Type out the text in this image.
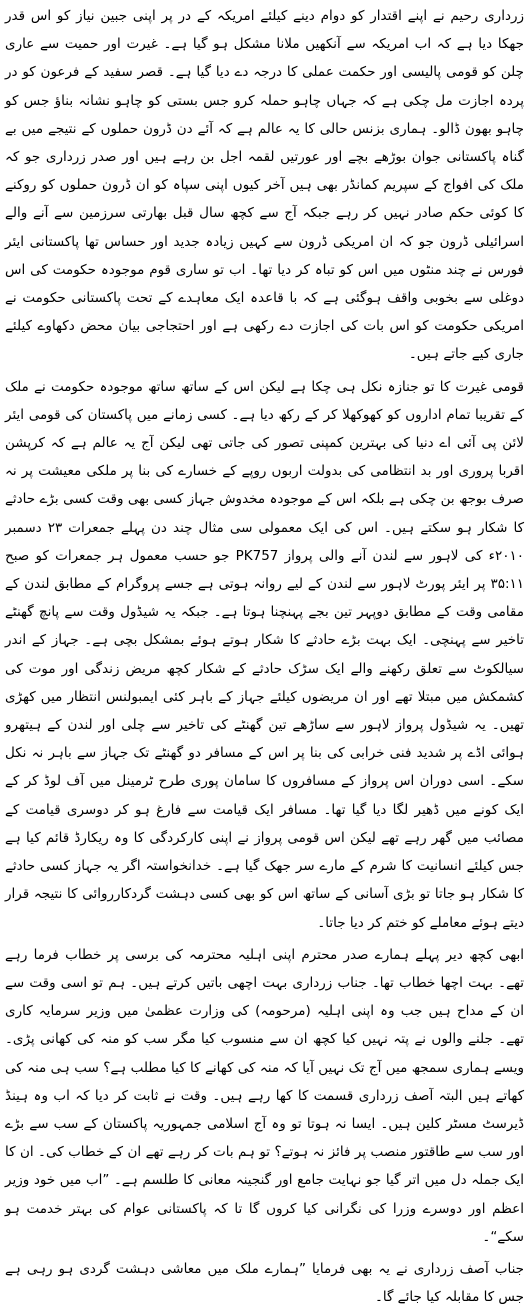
زرداری رحیم نے اپنے اقتدار کو دوام دینے کیلئے امریکہ کے در پر اپنی جبین نیاز کو اس قدر جھکا دیا ہے کہ اب امریکہ سے آنکھیں ملانا مشکل ہو گیا ہے۔ غیرت اور حمیت سے عاری چلن کو قومی پالیسی اور حکمت عملی کا درجہ دے دیا گیا ہے۔ قصر سفید کے فرعون کو در پردہ اجازت مل چکی ہے کہ جہاں چاہو حملہ کرو جس بستی کو چاہو نشانہ بناؤ جس کو چاہو بھون ڈالو۔ ہماری بزنس حالی کا یہ عالم ہے کہ آئے دن ڈرون حملوں کے نتیجے میں بے گناہ پاکستانی جوان بوڑھے بچے اور عورتیں لقمہ اجل بن رہے ہیں اور صدر زرداری جو کہ ملک کی افواج کے سپریم کمانڈر بھی ہیں آخر کیوں اپنی سپاہ کو ان ڈرون حملوں کو روکنے کا کوئی حکم صادر نہیں کر رہے جبکہ آج سے کچھ سال قبل بھارتی سرزمین سے آنے والے اسرائیلی ڈرون جو کہ ان امریکی ڈرون سے کہیں زیادہ جدید اور حساس تھا پاکستانی ایئر فورس نے چند منٹوں میں اس کو تباہ کر دیا تھا۔ اب تو ساری قوم موجودہ حکومت کی اس دوغلی سے بخوبی واقف ہوگئی ہے کہ با قاعدہ ایک معاہدے کے تحت پاکستانی حکومت نے امریکی حکومت کو اس بات کی اجازت دے رکھی ہے اور احتجاجی بیان محض دکھاوے کیلئے جاری کیے جاتے ہیں۔

قومی غیرت کا تو جنازہ نکل ہی چکا ہے لیکن اس کے ساتھ ساتھ موجودہ حکومت نے ملک کے تقریبا تمام اداروں کو کھوکھلا کر کے رکھ دیا ہے۔ کسی زمانے میں پاکستان کی قومی ایئر لائن پی آئی اے دنیا کی بہترین کمپنی تصور کی جاتی تھی لیکن آج یہ عالم ہے کہ کرپشن اقربا پروری اور بد انتظامی کی بدولت اربوں روپے کے خسارے کی بنا پر ملکی معیشت پر نہ صرف بوجھ بن چکی ہے بلکہ اس کے موجودہ مخدوش جہاز کسی بھی وقت کسی بڑے حادثے کا شکار ہو سکتے ہیں۔ اس کی ایک معمولی سی مثال چند دن پہلے جمعرات ۲۳ دسمبر ۲۰۱۰ء کی لاہور سے لندن آنے والی پرواز PK757 جو حسب معمول ہر جمعرات کو صبح ۳۵:۱۱ پر ایئر پورٹ لاہور سے لندن کے لیے روانہ ہوتی ہے جسے پروگرام کے مطابق لندن کے مقامی وقت کے مطابق دوپہر تین بجے پہنچنا ہوتا ہے۔ جبکہ یہ شیڈول وقت سے پانچ گھنٹے تاخیر سے پہنچی۔ ایک بہت بڑے حادثے کا شکار ہوتے ہوئے بمشکل بچی ہے۔ جہاز کے اندر سیالکوٹ سے تعلق رکھنے والے ایک سڑک حادثے کے شکار کچھ مریض زندگی اور موت کی کشمکش میں مبتلا تھے اور ان مریضوں کیلئے جہاز کے باہر کئی ایمبولنس انتظار میں کھڑی تھیں۔ یہ شیڈول پرواز لاہور سے ساڑھے تین گھنٹے کی تاخیر سے چلی اور لندن کے ہیتھرو ہوائی اڈے پر شدید فنی خرابی کی بنا پر اس کے مسافر دو گھنٹے تک جہاز سے باہر نہ نکل سکے۔ اسی دوران اس پرواز کے مسافروں کا سامان پوری طرح ٹرمینل میں آف لوڈ کر کے ایک کونے میں ڈھیر لگا دیا گیا تھا۔ مسافر ایک قیامت سے فارغ ہو کر دوسری قیامت کے مصائب میں گھر رہے تھے لیکن اس قومی پرواز نے اپنی کارکردگی کا وہ ریکارڈ قائم کیا ہے جس کیلئے انسانیت کا شرم کے مارے سر جھک گیا ہے۔ خدانخواستہ اگر یہ جہاز کسی حادثے کا شکار ہو جاتا تو بڑی آسانی کے ساتھ اس کو بھی کسی دہشت گردکارروائی کا نتیجہ قرار دیتے ہوئے معاملے کو ختم کر دیا جاتا۔

ابھی کچھ دیر پہلے ہمارے صدر محترم اپنی اہلیہ محترمہ کی برسی پر خطاب فرما رہے تھے۔ بہت اچھا خطاب تھا۔ جناب زرداری بہت اچھی باتیں کرتے ہیں۔ ہم تو اسی وقت سے ان کے مداح ہیں جب وہ اپنی اہلیہ (مرحومہ) کی وزارت عظمیٰ میں وزیر سرمایہ کاری تھے۔ جلنے والوں نے پتہ نہیں کیا کچھ ان سے منسوب کیا مگر سب کو منہ کی کھانی پڑی۔ ویسے ہماری سمجھ میں آج تک نہیں آیا کہ منہ کی کھانے کا کیا مطلب ہے؟ سب ہی منہ کی کھاتے ہیں البتہ آصف زرداری قسمت کا کھا رہے ہیں۔ وقت نے ثابت کر دیا کہ اب وہ ہینڈ ڈیرسٹ مسٹر کلین ہیں۔ ایسا نہ ہوتا تو وہ آج اسلامی جمہوریہ پاکستان کے سب سے بڑے اور سب سے طاقتور منصب پر فائز نہ ہوتے؟ تو ہم بات کر رہے تھے ان کے خطاب کی۔ ان کا ایک جملہ دل میں اتر گیا جو نہایت جامع اور گنجینہ معانی کا طلسم ہے۔ ”اب میں خود وزیر اعظم اور دوسرے وزرا کی نگرانی کیا کروں گا تا کہ پاکستانی عوام کی بہتر خدمت ہو سکے“۔

جناب آصف زرداری نے یہ بھی فرمایا ”ہمارے ملک میں معاشی دہشت گردی ہو رہی ہے جس کا مقابلہ کیا جائے گا۔
